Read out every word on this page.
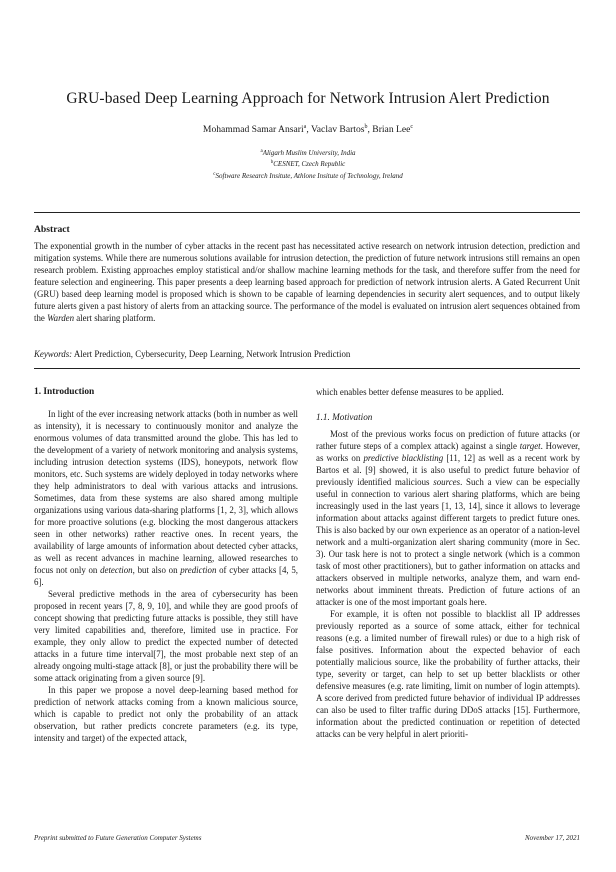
GRU-based Deep Learning Approach for Network Intrusion Alert Prediction
Mohammad Samar Ansari$^a$, Vaclav Bartos$^b$, Brian Lee$^c$
$^a$Aligarh Muslim University, India
$^b$CESNET, Czech Republic
$^c$Software Research Insitute, Athlone Insitute of Technology, Ireland
Abstract

The exponential growth in the number of cyber attacks in the recent past has necessitated active research on network intrusion detection, prediction and mitigation systems. While there are numerous solutions available for intrusion detection, the prediction of future network intrusions still remains an open research problem. Existing approaches employ statistical and/or shallow machine learning methods for the task, and therefore suffer from the need for feature selection and engineering. This paper presents a deep learning based approach for prediction of network intrusion alerts. A Gated Recurrent Unit (GRU) based deep learning model is proposed which is shown to be capable of learning dependencies in security alert sequences, and to output likely future alerts given a past history of alerts from an attacking source. The performance of the model is evaluated on intrusion alert sequences obtained from the Warden alert sharing platform.

Keywords: Alert Prediction, Cybersecurity, Deep Learning, Network Intrusion Prediction

1. Introduction

In light of the ever increasing network attacks (both in number as well as intensity), it is necessary to continuously monitor and analyze the enormous volumes of data transmitted around the globe. This has led to the development of a variety of network monitoring and analysis systems, including intrusion detection systems (IDS), honeypots, network flow monitors, etc. Such systems are widely deployed in today networks where they help administrators to deal with various attacks and intrusions. Sometimes, data from these systems are also shared among multiple organizations using various data-sharing platforms [1, 2, 3], which allows for more proactive solutions (e.g. blocking the most dangerous attackers seen in other networks) rather reactive ones. In recent years, the availability of large amounts of information about detected cyber attacks, as well as recent advances in machine learning, allowed researches to focus not only on detection, but also on prediction of cyber attacks [4, 5, 6].

Several predictive methods in the area of cybersecurity has been proposed in recent years [7, 8, 9, 10], and while they are good proofs of concept showing that predicting future attacks is possible, they still have very limited capabilities and, therefore, limited use in practice. For example, they only allow to predict the expected number of detected attacks in a future time interval[7], the most probable next step of an already ongoing multi-stage attack [8], or just the probability there will be some attack originating from a given source [9].

In this paper we propose a novel deep-learning based method for prediction of network attacks coming from a known malicious source, which is capable to predict not only the probability of an attack observation, but rather predicts concrete parameters (e.g. its type, intensity and target) of the expected attack,

which enables better defense measures to be applied.

1.1. Motivation

Most of the previous works focus on prediction of future attacks (or rather future steps of a complex attack) against a single target. However, as works on predictive blacklisting [11, 12] as well as a recent work by Bartos et al. [9] showed, it is also useful to predict future behavior of previously identified malicious sources. Such a view can be especially useful in connection to various alert sharing platforms, which are being increasingly used in the last years [1, 13, 14], since it allows to leverage information about attacks against different targets to predict future ones. This is also backed by our own experience as an operator of a nation-level network and a multi-organization alert sharing community (more in Sec. 3). Our task here is not to protect a single network (which is a common task of most other practitioners), but to gather information on attacks and attackers observed in multiple networks, analyze them, and warn end-networks about imminent threats. Prediction of future actions of an attacker is one of the most important goals here.

For example, it is often not possible to blacklist all IP addresses previously reported as a source of some attack, either for technical reasons (e.g. a limited number of firewall rules) or due to a high risk of false positives. Information about the expected behavior of each potentially malicious source, like the probability of further attacks, their type, severity or target, can help to set up better blacklists or other defensive measures (e.g. rate limiting, limit on number of login attempts). A score derived from predicted future behavior of individual IP addresses can also be used to filter traffic during DDoS attacks [15]. Furthermore, information about the predicted continuation or repetition of detected attacks can be very helpful in alert prioriti-

Preprint submitted to Future Generation Computer Systems	November 17, 2021
